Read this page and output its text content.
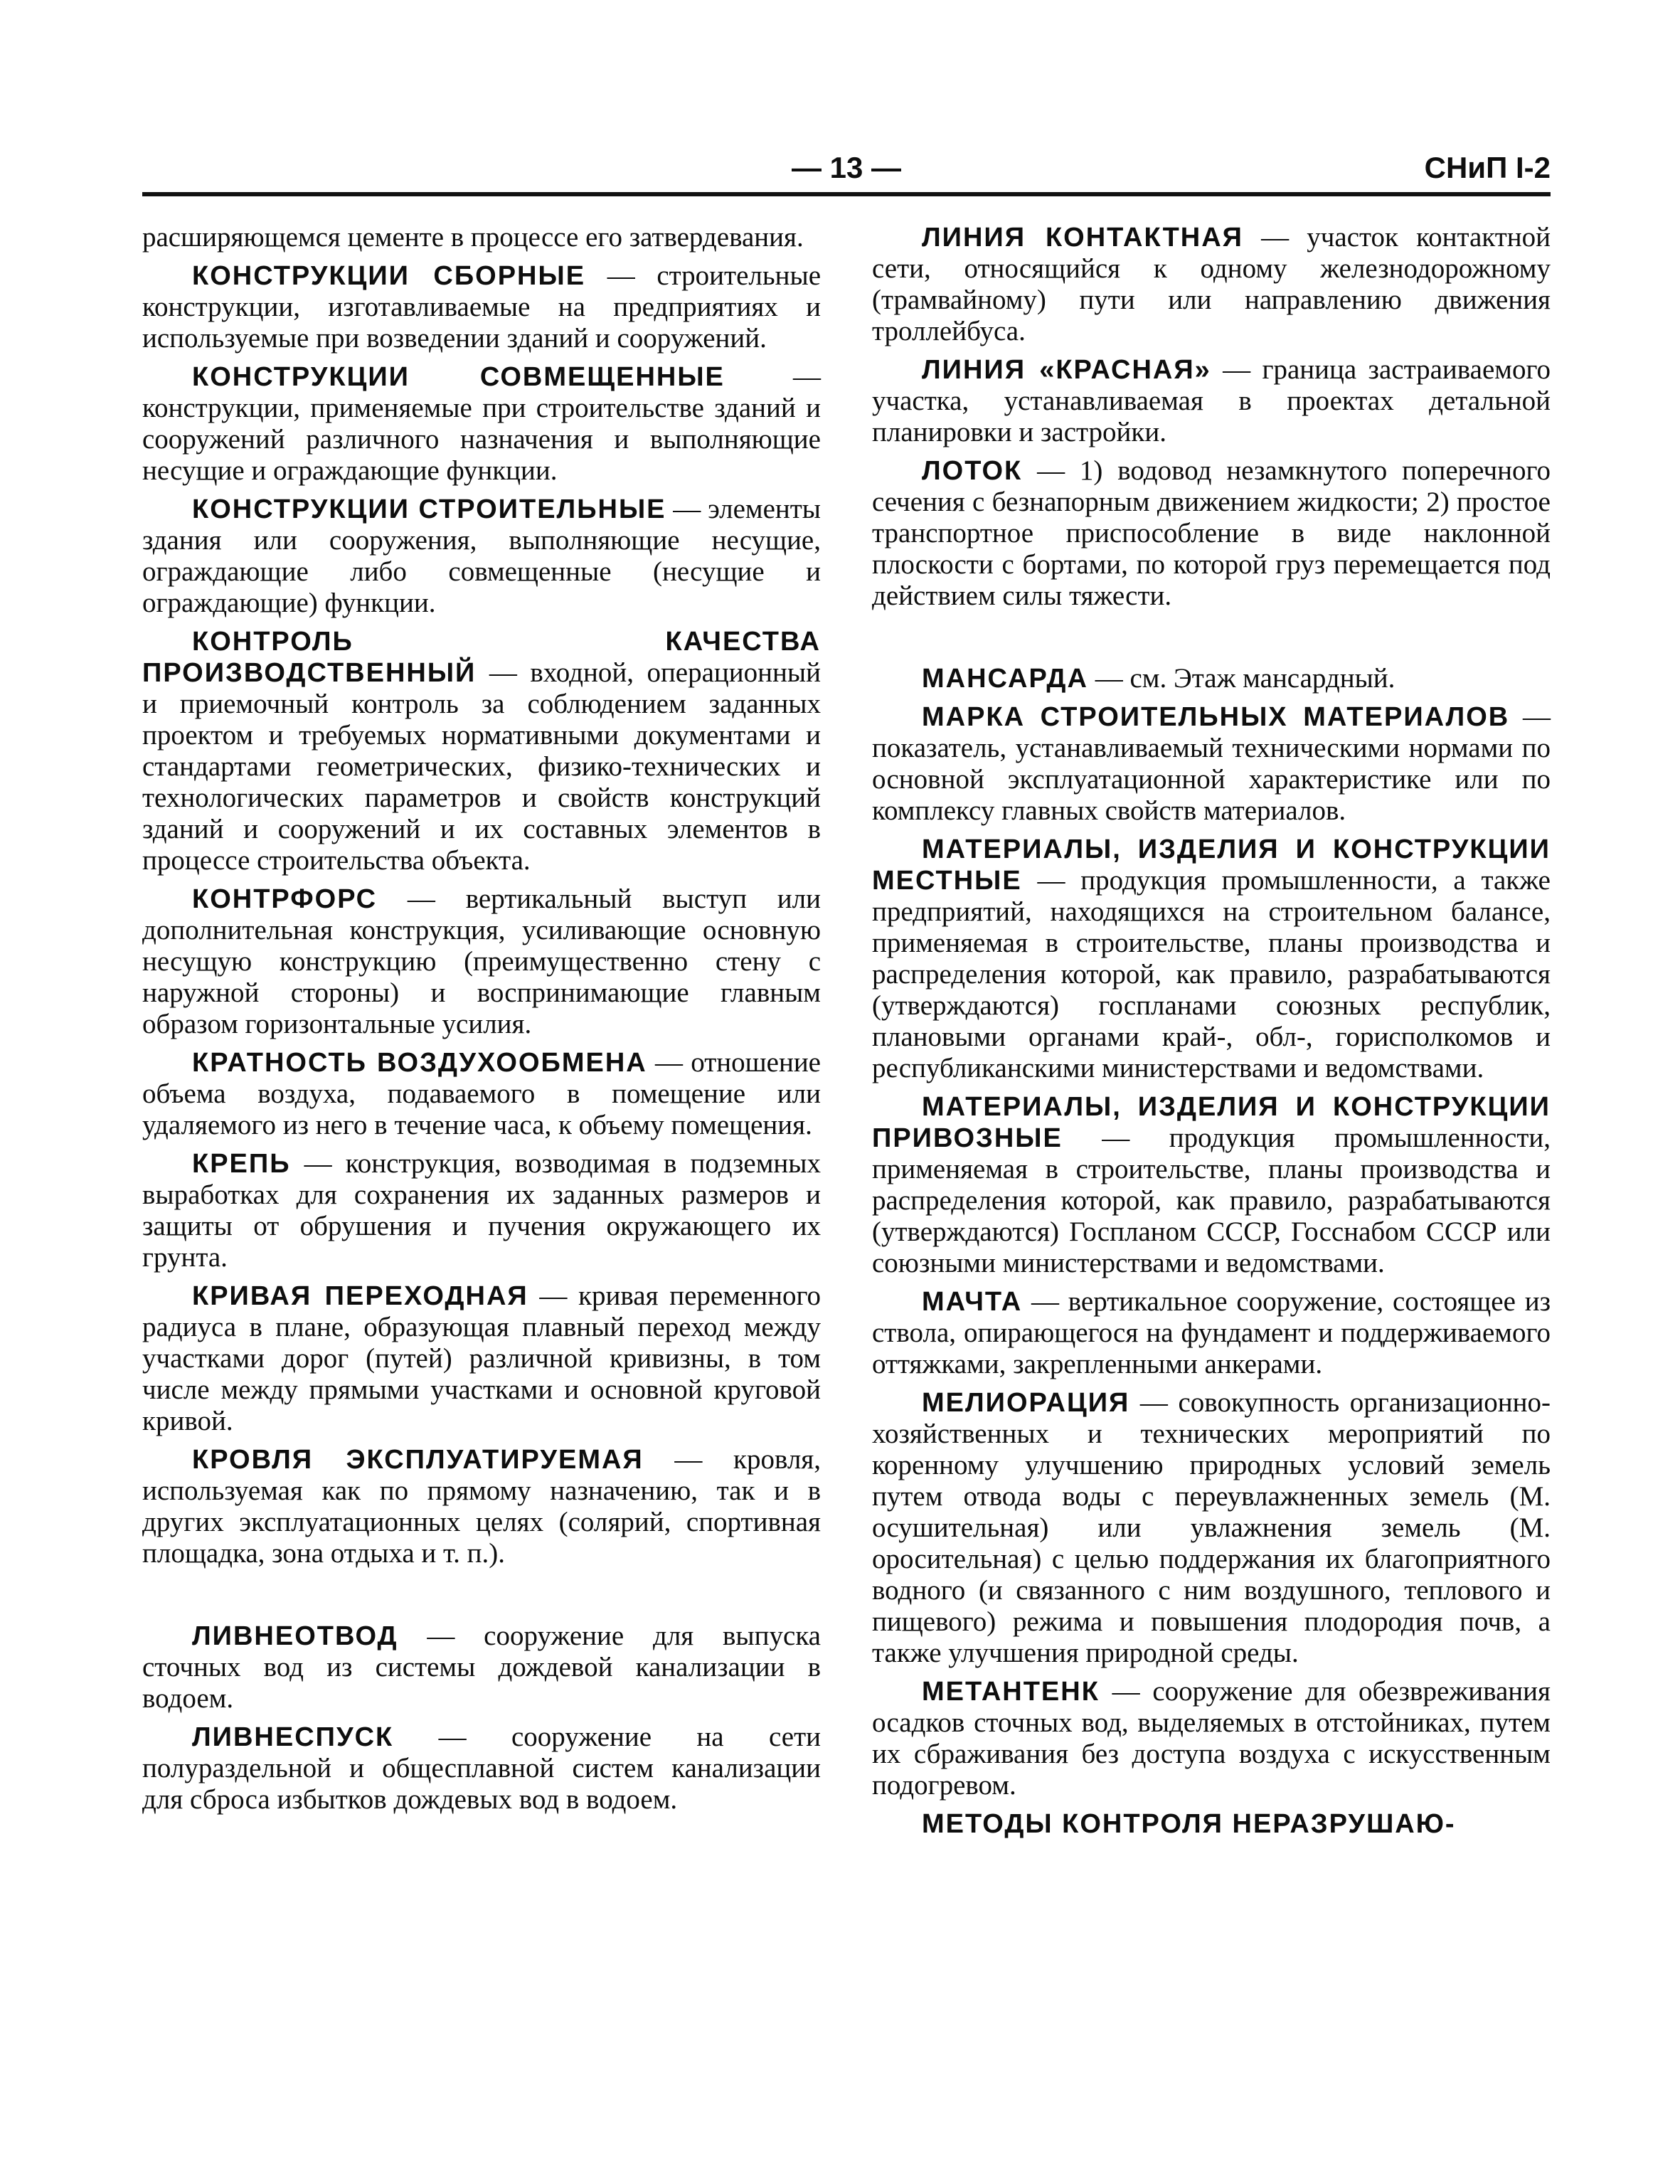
— 13 —	СНиП I-2

расширяющемся цементе в процессе его затвердевания.

КОНСТРУКЦИИ СБОРНЫЕ — строительные конструкции, изготавливаемые на предприятиях и используемые при возведении зданий и сооружений.

КОНСТРУКЦИИ СОВМЕЩЕННЫЕ — конструкции, применяемые при строительстве зданий и сооружений различного назначения и выполняющие несущие и ограждающие функции.

КОНСТРУКЦИИ СТРОИТЕЛЬНЫЕ — элементы здания или сооружения, выполняющие несущие, ограждающие либо совмещенные (несущие и ограждающие) функции.

КОНТРОЛЬ КАЧЕСТВА ПРОИЗВОДСТВЕННЫЙ — входной, операционный и приемочный контроль за соблюдением заданных проектом и требуемых нормативными документами и стандартами геометрических, физико-технических и технологических параметров и свойств конструкций зданий и сооружений и их составных элементов в процессе строительства объекта.

КОНТРФОРС — вертикальный выступ или дополнительная конструкция, усиливающие основную несущую конструкцию (преимущественно стену с наружной стороны) и воспринимающие главным образом горизонтальные усилия.

КРАТНОСТЬ ВОЗДУХООБМЕНА — отношение объема воздуха, подаваемого в помещение или удаляемого из него в течение часа, к объему помещения.

КРЕПЬ — конструкция, возводимая в подземных выработках для сохранения их заданных размеров и защиты от обрушения и пучения окружающего их грунта.

КРИВАЯ ПЕРЕХОДНАЯ — кривая переменного радиуса в плане, образующая плавный переход между участками дорог (путей) различной кривизны, в том числе между прямыми участками и основной круговой кривой.

КРОВЛЯ ЭКСПЛУАТИРУЕМАЯ — кровля, используемая как по прямому назначению, так и в других эксплуатационных целях (солярий, спортивная площадка, зона отдыха и т. п.).

ЛИВНЕОТВОД — сооружение для выпуска сточных вод из системы дождевой канализации в водоем.

ЛИВНЕСПУСК — сооружение на сети полураздельной и общесплавной систем канализации для сброса избытков дождевых вод в водоем.

ЛИНИЯ КОНТАКТНАЯ — участок контактной сети, относящийся к одному железнодорожному (трамвайному) пути или направлению движения троллейбуса.

ЛИНИЯ «КРАСНАЯ» — граница застраиваемого участка, устанавливаемая в проектах детальной планировки и застройки.

ЛОТОК — 1) водовод незамкнутого поперечного сечения с безнапорным движением жидкости; 2) простое транспортное приспособление в виде наклонной плоскости с бортами, по которой груз перемещается под действием силы тяжести.

МАНСАРДА — см. Этаж мансардный.

МАРКА СТРОИТЕЛЬНЫХ МАТЕРИАЛОВ — показатель, устанавливаемый техническими нормами по основной эксплуатационной характеристике или по комплексу главных свойств материалов.

МАТЕРИАЛЫ, ИЗДЕЛИЯ И КОНСТРУКЦИИ МЕСТНЫЕ — продукция промышленности, а также предприятий, находящихся на строительном балансе, применяемая в строительстве, планы производства и распределения которой, как правило, разрабатываются (утверждаются) госпланами союзных республик, плановыми органами край-, обл-, горисполкомов и республиканскими министерствами и ведомствами.

МАТЕРИАЛЫ, ИЗДЕЛИЯ И КОНСТРУКЦИИ ПРИВОЗНЫЕ — продукция промышленности, применяемая в строительстве, планы производства и распределения которой, как правило, разрабатываются (утверждаются) Госпланом СССР, Госснабом СССР или союзными министерствами и ведомствами.

МАЧТА — вертикальное сооружение, состоящее из ствола, опирающегося на фундамент и поддерживаемого оттяжками, закрепленными анкерами.

МЕЛИОРАЦИЯ — совокупность организационно-хозяйственных и технических мероприятий по коренному улучшению природных условий земель путем отвода воды с переувлажненных земель (М. осушительная) или увлажнения земель (М. оросительная) с целью поддержания их благоприятного водного (и связанного с ним воздушного, теплового и пищевого) режима и повышения плодородия почв, а также улучшения природной среды.

МЕТАНТЕНК — сооружение для обезвреживания осадков сточных вод, выделяемых в отстойниках, путем их сбраживания без доступа воздуха с искусственным подогревом.

МЕТОДЫ КОНТРОЛЯ НЕРАЗРУШАЮ-
